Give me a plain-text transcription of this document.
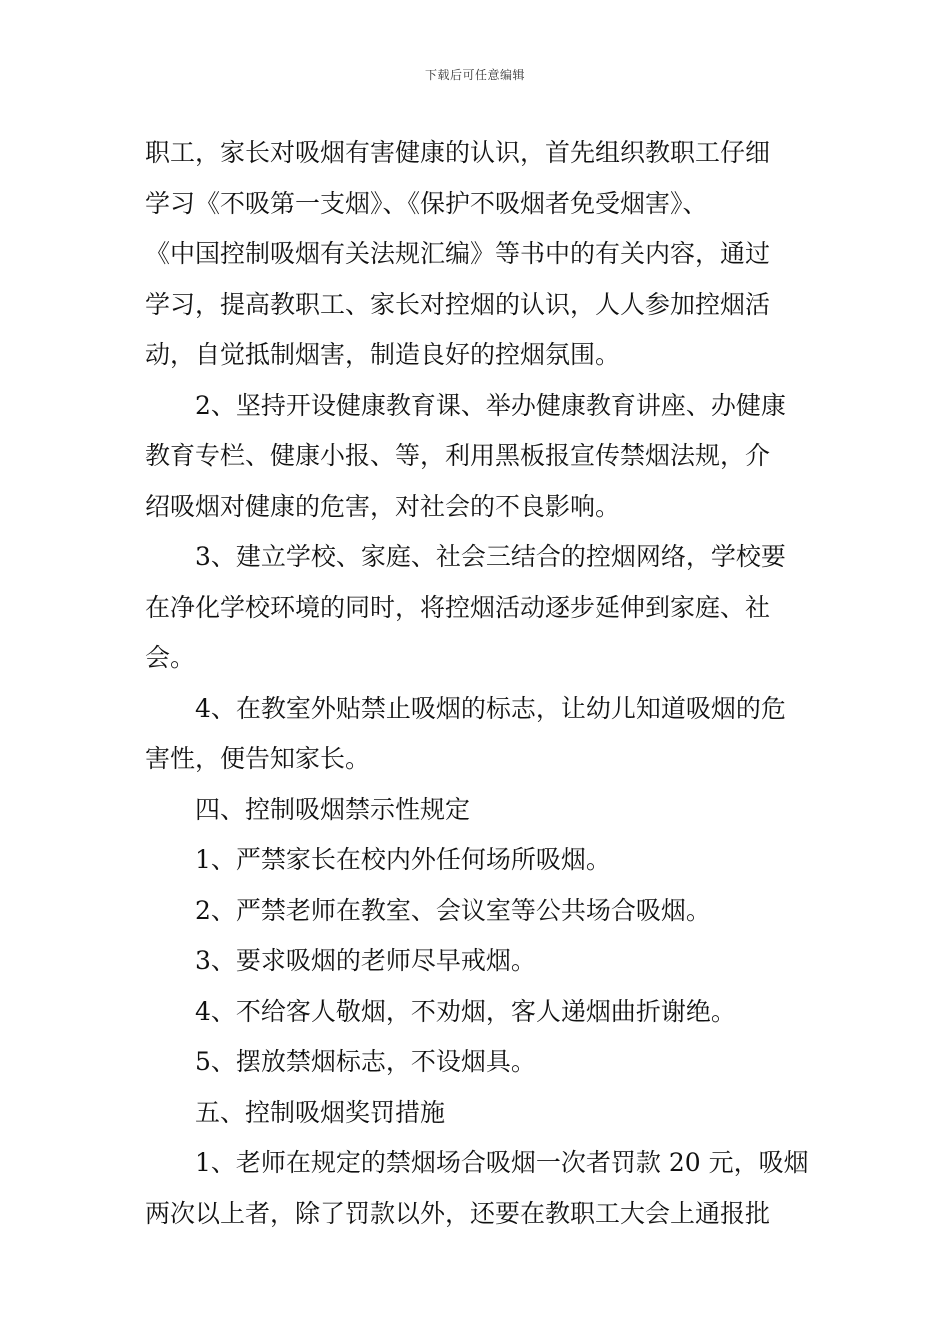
下载后可任意编辑
职工，家长对吸烟有害健康的认识，首先组织教职工仔细
学习《不吸第一支烟》、《保护不吸烟者免受烟害》、
《中国控制吸烟有关法规汇编》等书中的有关内容，通过
学习，提高教职工、家长对控烟的认识，人人参加控烟活
动，自觉抵制烟害，制造良好的控烟氛围。
2、坚持开设健康教育课、举办健康教育讲座、办健康
教育专栏、健康小报、等，利用黑板报宣传禁烟法规，介
绍吸烟对健康的危害，对社会的不良影响。
3、建立学校、家庭、社会三结合的控烟网络，学校要
在净化学校环境的同时，将控烟活动逐步延伸到家庭、社
会。
4、在教室外贴禁止吸烟的标志，让幼儿知道吸烟的危
害性，便告知家长。
四、控制吸烟禁示性规定
1、严禁家长在校内外任何场所吸烟。
2、严禁老师在教室、会议室等公共场合吸烟。
3、要求吸烟的老师尽早戒烟。
4、不给客人敬烟，不劝烟，客人递烟曲折谢绝。
5、摆放禁烟标志，不设烟具。
五、控制吸烟奖罚措施
1、老师在规定的禁烟场合吸烟一次者罚款 20 元，吸烟
两次以上者，除了罚款以外，还要在教职工大会上通报批
